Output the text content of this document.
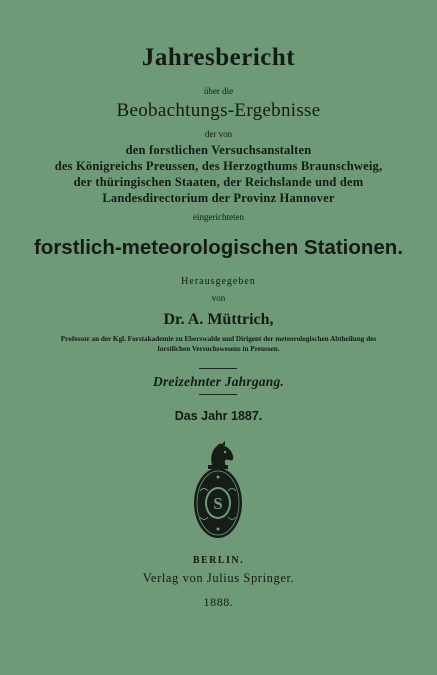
Jahresbericht
über die
Beobachtungs-Ergebnisse
der von
den forstlichen Versuchsanstalten
des Königreichs Preussen, des Herzogthums Braunschweig,
der thüringischen Staaten, der Reichslande und dem
Landesdirectorium der Provinz Hannover
eingerichteten
forstlich-meteorologischen Stationen.
Herausgegeben
von
Dr. A. Müttrich,
Professor an der Kgl. Forstakademie zu Eberswalde und Dirigent der meteorologischen Abtheilung des
forstlichen Versuchswesens in Preussen.
Dreizehnter Jahrgang.
Das Jahr 1887.
S
BERLIN.
Verlag von Julius Springer.
1888.
